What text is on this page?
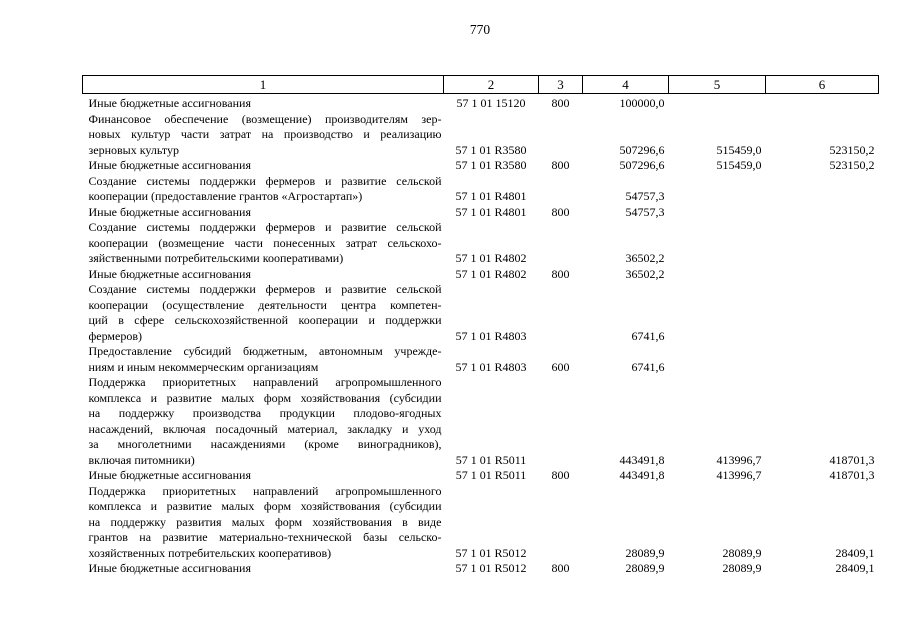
770
1	2	3	4	5	6

Иные бюджетные ассигнования	57 1 01 15120	800	100000,0		

Финансовое обеспечение (возмещение) производителям зер-
новых культур части затрат на производство и реализацию
зерновых культур	57 1 01 R3580		507296,6	515459,0	523150,2

Иные бюджетные ассигнования	57 1 01 R3580	800	507296,6	515459,0	523150,2

Создание системы поддержки фермеров и развитие сельской
кооперации (предоставление грантов «Агростартап»)	57 1 01 R4801		54757,3		

Иные бюджетные ассигнования	57 1 01 R4801	800	54757,3		

Создание системы поддержки фермеров и развитие сельской
кооперации (возмещение части понесенных затрат сельскохо-
зяйственными потребительскими кооперативами)	57 1 01 R4802		36502,2		

Иные бюджетные ассигнования	57 1 01 R4802	800	36502,2		

Создание системы поддержки фермеров и развитие сельской
кооперации (осуществление деятельности центра компетен-
ций в сфере сельскохозяйственной кооперации и поддержки
фермеров)	57 1 01 R4803		6741,6		

Предоставление субсидий бюджетным, автономным учрежде-
ниям и иным некоммерческим организациям	57 1 01 R4803	600	6741,6		

Поддержка приоритетных направлений агропромышленного
комплекса и развитие малых форм хозяйствования (субсидии
на поддержку производства продукции плодово-ягодных
насаждений, включая посадочный материал, закладку и уход
за многолетними насаждениями (кроме виноградников),
включая питомники)	57 1 01 R5011		443491,8	413996,7	418701,3

Иные бюджетные ассигнования	57 1 01 R5011	800	443491,8	413996,7	418701,3

Поддержка приоритетных направлений агропромышленного
комплекса и развитие малых форм хозяйствования (субсидии
на поддержку развития малых форм хозяйствования в виде
грантов на развитие материально-технической базы сельско-
хозяйственных потребительских кооперативов)	57 1 01 R5012		28089,9	28089,9	28409,1

Иные бюджетные ассигнования	57 1 01 R5012	800	28089,9	28089,9	28409,1
